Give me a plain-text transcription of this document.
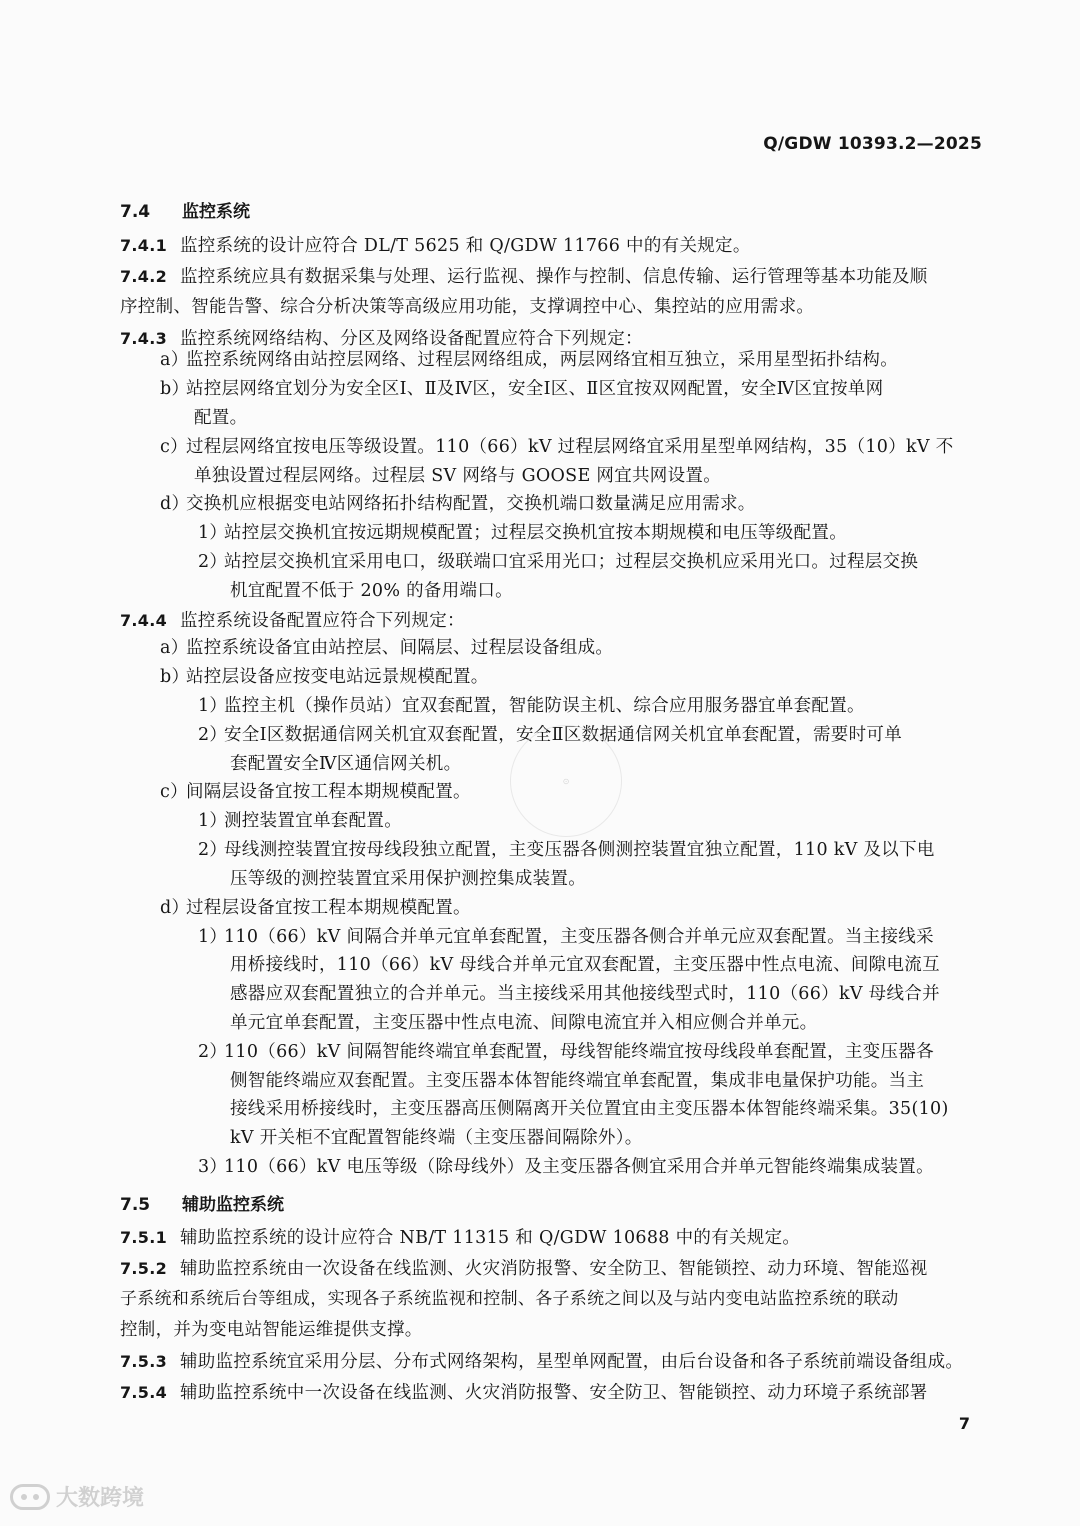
Q/GDW 10393.2—2025
7.4 监控系统
7.4.1 监控系统的设计应符合 DL/T 5625 和 Q/GDW 11766 中的有关规定。
7.4.2 监控系统应具有数据采集与处理、运行监视、操作与控制、信息传输、运行管理等基本功能及顺
序控制、智能告警、综合分析决策等高级应用功能，支撑调控中心、集控站的应用需求。
7.4.3 监控系统网络结构、分区及网络设备配置应符合下列规定：
a）监控系统网络由站控层网络、过程层网络组成，两层网络宜相互独立，采用星型拓扑结构。
b）站控层网络宜划分为安全区Ⅰ、Ⅱ及Ⅳ区，安全Ⅰ区、Ⅱ区宜按双网配置，安全Ⅳ区宜按单网
配置。
c）过程层网络宜按电压等级设置。110（66）kV 过程层网络宜采用星型单网结构，35（10）kV 不
单独设置过程层网络。过程层 SV 网络与 GOOSE 网宜共网设置。
d）交换机应根据变电站网络拓扑结构配置，交换机端口数量满足应用需求。
1）站控层交换机宜按远期规模配置；过程层交换机宜按本期规模和电压等级配置。
2）站控层交换机宜采用电口，级联端口宜采用光口；过程层交换机应采用光口。过程层交换
机宜配置不低于 20% 的备用端口。
7.4.4 监控系统设备配置应符合下列规定：
a）监控系统设备宜由站控层、间隔层、过程层设备组成。
b）站控层设备应按变电站远景规模配置。
1）监控主机（操作员站）宜双套配置，智能防误主机、综合应用服务器宜单套配置。
2）安全Ⅰ区数据通信网关机宜双套配置，安全Ⅱ区数据通信网关机宜单套配置，需要时可单
套配置安全Ⅳ区通信网关机。
c）间隔层设备宜按工程本期规模配置。
1）测控装置宜单套配置。
2）母线测控装置宜按母线段独立配置，主变压器各侧测控装置宜独立配置，110 kV 及以下电
压等级的测控装置宜采用保护测控集成装置。
d）过程层设备宜按工程本期规模配置。
1）110（66）kV 间隔合并单元宜单套配置，主变压器各侧合并单元应双套配置。当主接线采
用桥接线时，110（66）kV 母线合并单元宜双套配置，主变压器中性点电流、间隙电流互
感器应双套配置独立的合并单元。当主接线采用其他接线型式时，110（66）kV 母线合并
单元宜单套配置，主变压器中性点电流、间隙电流宜并入相应侧合并单元。
2）110（66）kV 间隔智能终端宜单套配置，母线智能终端宜按母线段单套配置，主变压器各
侧智能终端应双套配置。主变压器本体智能终端宜单套配置，集成非电量保护功能。当主
接线采用桥接线时，主变压器高压侧隔离开关位置宜由主变压器本体智能终端采集。35(10)
kV 开关柜不宜配置智能终端（主变压器间隔除外）。
3）110（66）kV 电压等级（除母线外）及主变压器各侧宜采用合并单元智能终端集成装置。
7.5 辅助监控系统
7.5.1 辅助监控系统的设计应符合 NB/T 11315 和 Q/GDW 10688 中的有关规定。
7.5.2 辅助监控系统由一次设备在线监测、火灾消防报警、安全防卫、智能锁控、动力环境、智能巡视
子系统和系统后台等组成，实现各子系统监视和控制、各子系统之间以及与站内变电站监控系统的联动
控制，并为变电站智能运维提供支撑。
7
⊙
大数跨境
7.5.3 辅助监控系统宜采用分层、分布式网络架构，星型单网配置，由后台设备和各子系统前端设备组成。
7.5.4 辅助监控系统中一次设备在线监测、火灾消防报警、安全防卫、智能锁控、动力环境子系统部署
